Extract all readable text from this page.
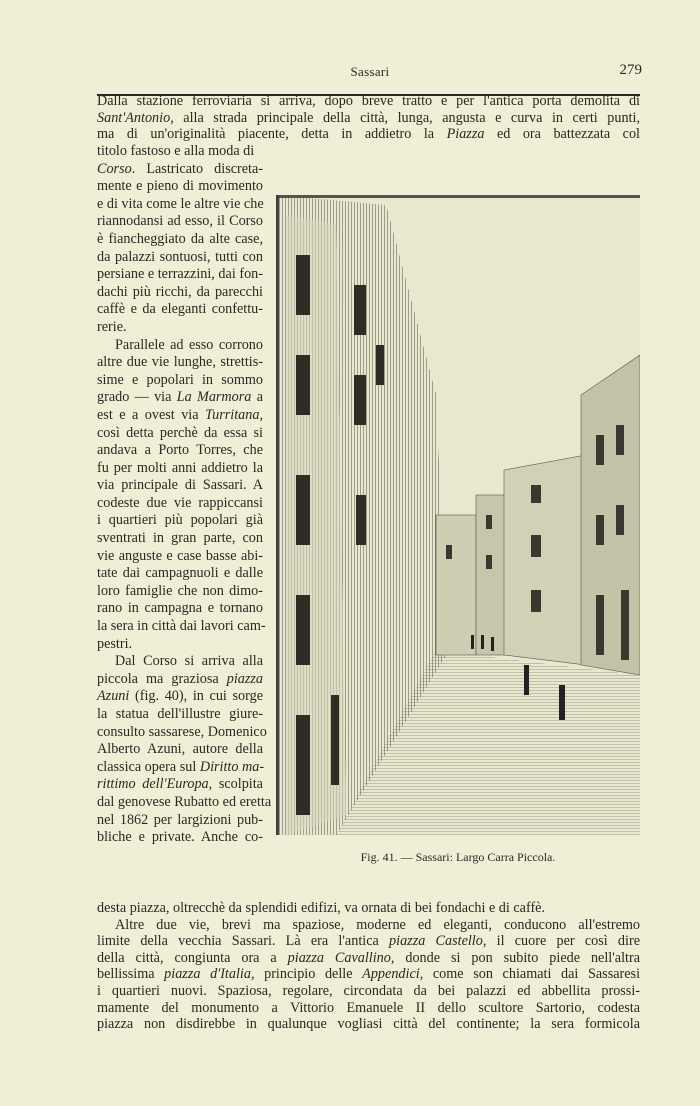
Sassari	279
Dalla stazione ferroviaria si arriva, dopo breve tratto e per l'antica porta demolita di
Sant'Antonio, alla strada principale della città, lunga, angusta e curva in certi punti,
ma di un'originalità piacente, detta in addietro la Piazza ed ora battezzata col
titolo fastoso e alla moda di
Corso. Lastricato discreta-
mente e pieno di movimento
e di vita come le altre vie che
riannodansi ad esso, il Corso
è fiancheggiato da alte case,
da palazzi sontuosi, tutti con
persiane e terrazzini, dai fon-
dachi più ricchi, da parecchi
caffè e da eleganti confettu-
rerie.
Parallele ad esso corrono
altre due vie lunghe, strettis-
sime e popolari in sommo
grado — via La Marmora a
est e a ovest via Turritana,
così detta perchè da essa si
andava a Porto Torres, che
fu per molti anni addietro la
via principale di Sassari. A
codeste due vie rappiccansi
i quartieri più popolari già
sventrati in gran parte, con
vie anguste e case basse abi-
tate dai campagnuoli e dalle
loro famiglie che non dimo-
rano in campagna e tornano
la sera in città dai lavori cam-
pestri.
Dal Corso si arriva alla
piccola ma graziosa piazza
Azuni (fig. 40), in cui sorge
la statua dell'illustre giure-
consulto sassarese, Domenico
Alberto Azuni, autore della
classica opera sul Diritto ma-
rittimo dell'Europa, scolpita
dal genovese Rubatto ed eretta
nel 1862 per largizioni pub-
bliche e private. Anche co-
desta piazza, oltrecchè da splendidi edifizi, va ornata di bei fondachi e di caffè.
Altre due vie, brevi ma spaziose, moderne ed eleganti, conducono all'estremo
limite della vecchia Sassari. Là era l'antica piazza Castello, il cuore per così dire
della città, congiunta ora a piazza Cavallino, donde si pon subito piede nell'altra
bellissima piazza d'Italia, principio delle Appendici, come son chiamati dai Sassaresi
i quartieri nuovi. Spaziosa, regolare, circondata da bei palazzi ed abbellita prossi-
mamente del monumento a Vittorio Emanuele II dello scultore Sartorio, codesta
piazza non disdirebbe in qualunque vogliasi città del continente; la sera formicola
Fig. 41. — Sassari: Largo Carra Piccola.
